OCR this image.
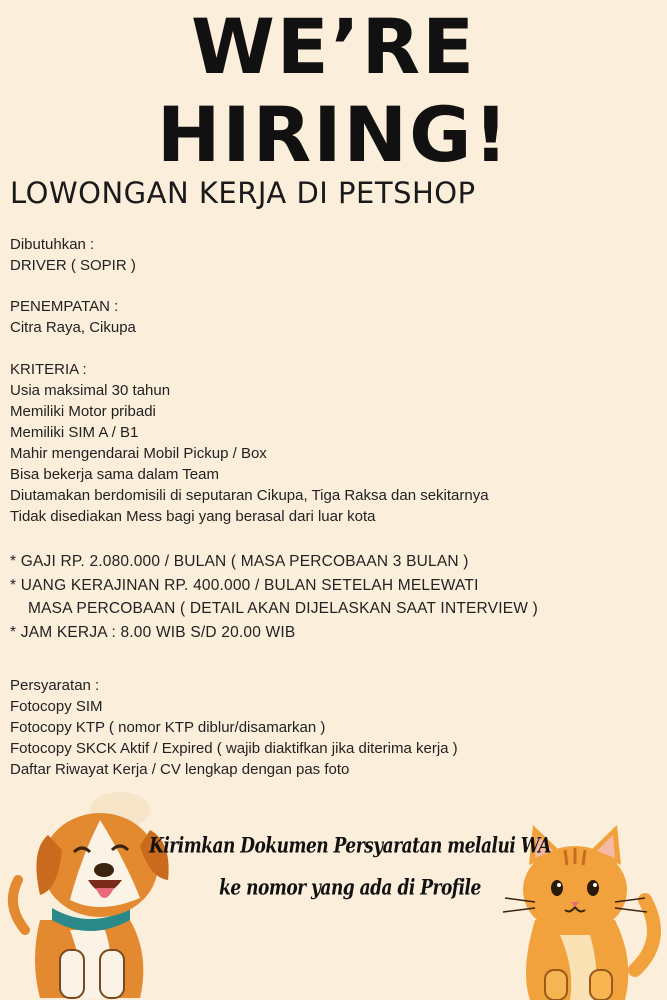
WE’RE
HIRING!
LOWONGAN KERJA DI PETSHOP
Dibutuhkan :
DRIVER ( SOPIR )
PENEMPATAN :
Citra Raya, Cikupa
KRITERIA :
Usia maksimal 30 tahun
Memiliki Motor pribadi
Memiliki SIM A / B1
Mahir mengendarai Mobil Pickup / Box
Bisa bekerja sama dalam Team
Diutamakan berdomisili di seputaran Cikupa, Tiga Raksa dan sekitarnya
Tidak disediakan Mess bagi yang berasal dari luar kota
* GAJI RP. 2.080.000 / BULAN ( MASA PERCOBAAN 3 BULAN )
* UANG KERAJINAN RP. 400.000 / BULAN SETELAH MELEWATI
MASA PERCOBAAN ( DETAIL AKAN DIJELASKAN SAAT INTERVIEW )
* JAM KERJA : 8.00 WIB S/D 20.00 WIB
Persyaratan :
Fotocopy SIM
Fotocopy KTP ( nomor KTP diblur/disamarkan )
Fotocopy SKCK Aktif / Expired ( wajib diaktifkan jika diterima kerja )
Daftar Riwayat Kerja / CV lengkap dengan pas foto
Kirimkan Dokumen Persyaratan melalui WA
ke nomor yang ada di Profile
